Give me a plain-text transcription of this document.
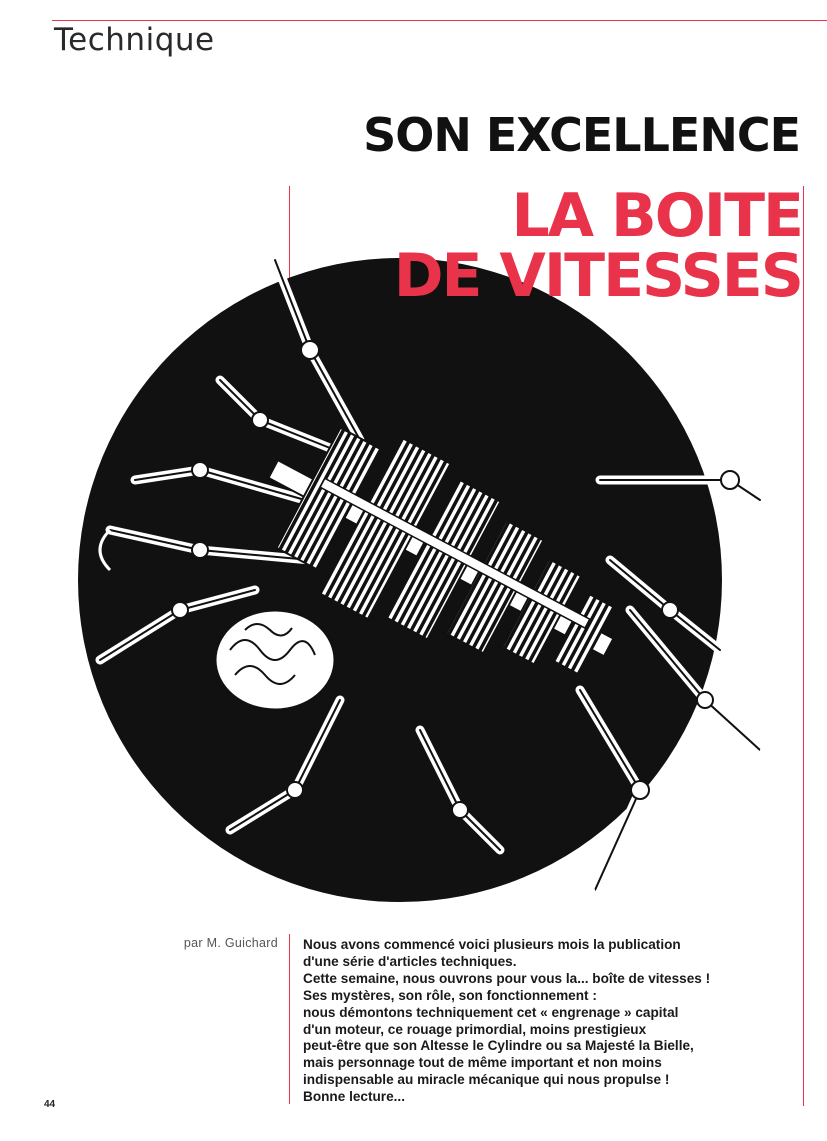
Technique
SON EXCELLENCE
LA BOITE
DE VITESSES
par M. Guichard Nous avons commencé voici plusieurs mois la publication
d'une série d'articles techniques.
Cette semaine, nous ouvrons pour vous la... boîte de vitesses !
Ses mystères, son rôle, son fonctionnement :
nous démontons techniquement cet « engrenage » capital
d'un moteur, ce rouage primordial, moins prestigieux
peut-être que son Altesse le Cylindre ou sa Majesté la Bielle,
mais personnage tout de même important et non moins
indispensable au miracle mécanique qui nous propulse !
Bonne lecture...
44
